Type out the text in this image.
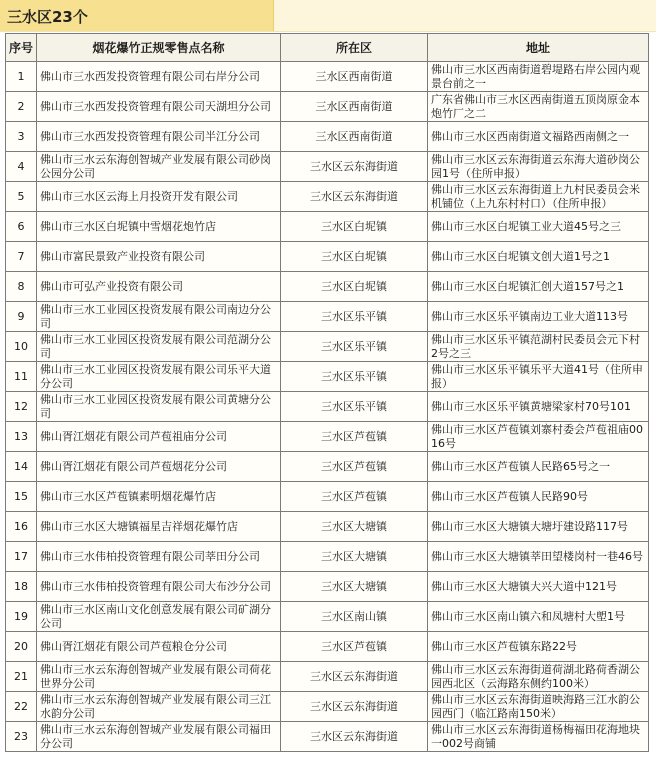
三水区23个
序号	烟花爆竹正规零售点名称	所在区	地址
1	佛山市三水西发投资管理有限公司右岸分公司	三水区西南街道	佛山市三水区西南街道碧堤路右岸公园内观景台前之一
2	佛山市三水西发投资管理有限公司天湖坦分公司	三水区西南街道	广东省佛山市三水区西南街道五顶岗原金本炮竹厂之二
3	佛山市三水西发投资管理有限公司半江分公司	三水区西南街道	佛山市三水区西南街道文福路西南侧之一
4	佛山市三水云东海创智城产业发展有限公司砂岗公园分公司	三水区云东海街道	佛山市三水区云东海街道云东海大道砂岗公园1号（住所申报）
5	佛山市三水区云海上月投资开发有限公司	三水区云东海街道	佛山市三水区云东海街道上九村民委员会米机铺位（上九东村村口）（住所申报）
6	佛山市三水区白坭镇中雪烟花炮竹店	三水区白坭镇	佛山市三水区白坭镇工业大道45号之三
7	佛山市富民景致产业投资有限公司	三水区白坭镇	佛山市三水区白坭镇文创大道1号之1
8	佛山市可弘产业投资有限公司	三水区白坭镇	佛山市三水区白坭镇汇创大道157号之1
9	佛山市三水工业园区投资发展有限公司南边分公司	三水区乐平镇	佛山市三水区乐平镇南边工业大道113号
10	佛山市三水工业园区投资发展有限公司范湖分公司	三水区乐平镇	佛山市三水区乐平镇范湖村民委员会元下村2号之三
11	佛山市三水工业园区投资发展有限公司乐平大道分公司	三水区乐平镇	佛山市三水区乐平镇乐平大道41号（住所申报）
12	佛山市三水工业园区投资发展有限公司黄塘分公司	三水区乐平镇	佛山市三水区乐平镇黄塘梁家村70号101
13	佛山胥江烟花有限公司芦苞祖庙分公司	三水区芦苞镇	佛山市三水区芦苞镇刘寨村委会芦苞祖庙0016号
14	佛山胥江烟花有限公司芦苞烟花分公司	三水区芦苞镇	佛山市三水区芦苞镇人民路65号之一
15	佛山市三水区芦苞镇素明烟花爆竹店	三水区芦苞镇	佛山市三水区芦苞镇人民路90号
16	佛山市三水区大塘镇福星吉祥烟花爆竹店	三水区大塘镇	佛山市三水区大塘镇大塘圩建设路117号
17	佛山市三水伟柏投资管理有限公司莘田分公司	三水区大塘镇	佛山市三水区大塘镇莘田望楼岗村一巷46号
18	佛山市三水伟柏投资管理有限公司大布沙分公司	三水区大塘镇	佛山市三水区大塘镇大兴大道中121号
19	佛山市三水区南山文化创意发展有限公司矿湖分公司	三水区南山镇	佛山市三水区南山镇六和凤塘村大塱1号
20	佛山胥江烟花有限公司芦苞粮仓分公司	三水区芦苞镇	佛山市三水区芦苞镇东路22号
21	佛山市三水云东海创智城产业发展有限公司荷花世界分公司	三水区云东海街道	佛山市三水区云东海街道荷湖北路荷香湖公园西北区（云海路东侧约100米）
22	佛山市三水云东海创智城产业发展有限公司三江水韵分公司	三水区云东海街道	佛山市三水区云东海街道映海路三江水韵公园西门（临江路南150米）
23	佛山市三水云东海创智城产业发展有限公司福田分公司	三水区云东海街道	佛山市三水区云东海街道杨梅福田花海地块一002号商铺
